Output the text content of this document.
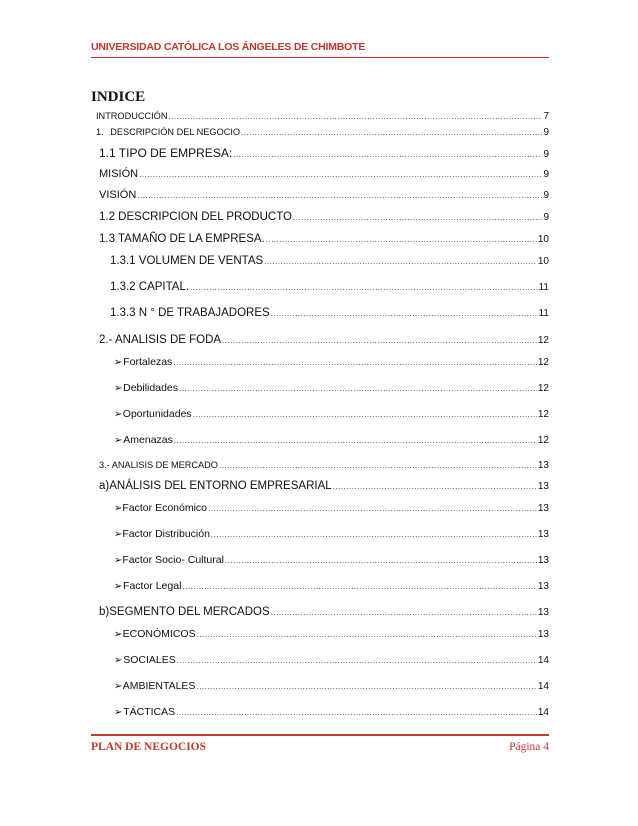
UNIVERSIDAD CATÓLICA LOS ÁNGELES DE CHIMBOTE
INDICE
INTRODUCCIÓN .....	7
1. DESCRIPCIÓN DEL NEGOCIO .....	9
1.1 TIPO DE EMPRESA: .....	9
MISIÓN .....	9
VISIÓN .....	9
1.2 DESCRIPCION DEL PRODUCTO .....	9
1.3 TAMAÑO DE LA EMPRESA. .....	10
1.3.1 VOLUMEN DE VENTAS .....	10
1.3.2 CAPITAL. .....	11
1.3.3 N ° DE TRABAJADORES .....	11
2.- ANALISIS DE FODA .....	12
➢ Fortalezas .....	12
➢ Debilidades .....	12
➢ Oportunidades .....	12
➢ Amenazas .....	12
3.- ANALISIS DE MERCADO .....	13
a) ANÁLISIS DEL ENTORNO EMPRESARIAL .....	13
➢ Factor Económico .....	13
➢ Factor Distribución .....	13
➢ Factor Socio- Cultural .....	13
➢ Factor Legal .....	13
b) SEGMENTO DEL MERCADOS .....	13
➢ ECONÓMICOS .....	13
➢ SOCIALES .....	14
➢ AMBIENTALES .....	14
➢ TÁCTICAS .....	14
PLAN DE NEGOCIOS	Página 4
